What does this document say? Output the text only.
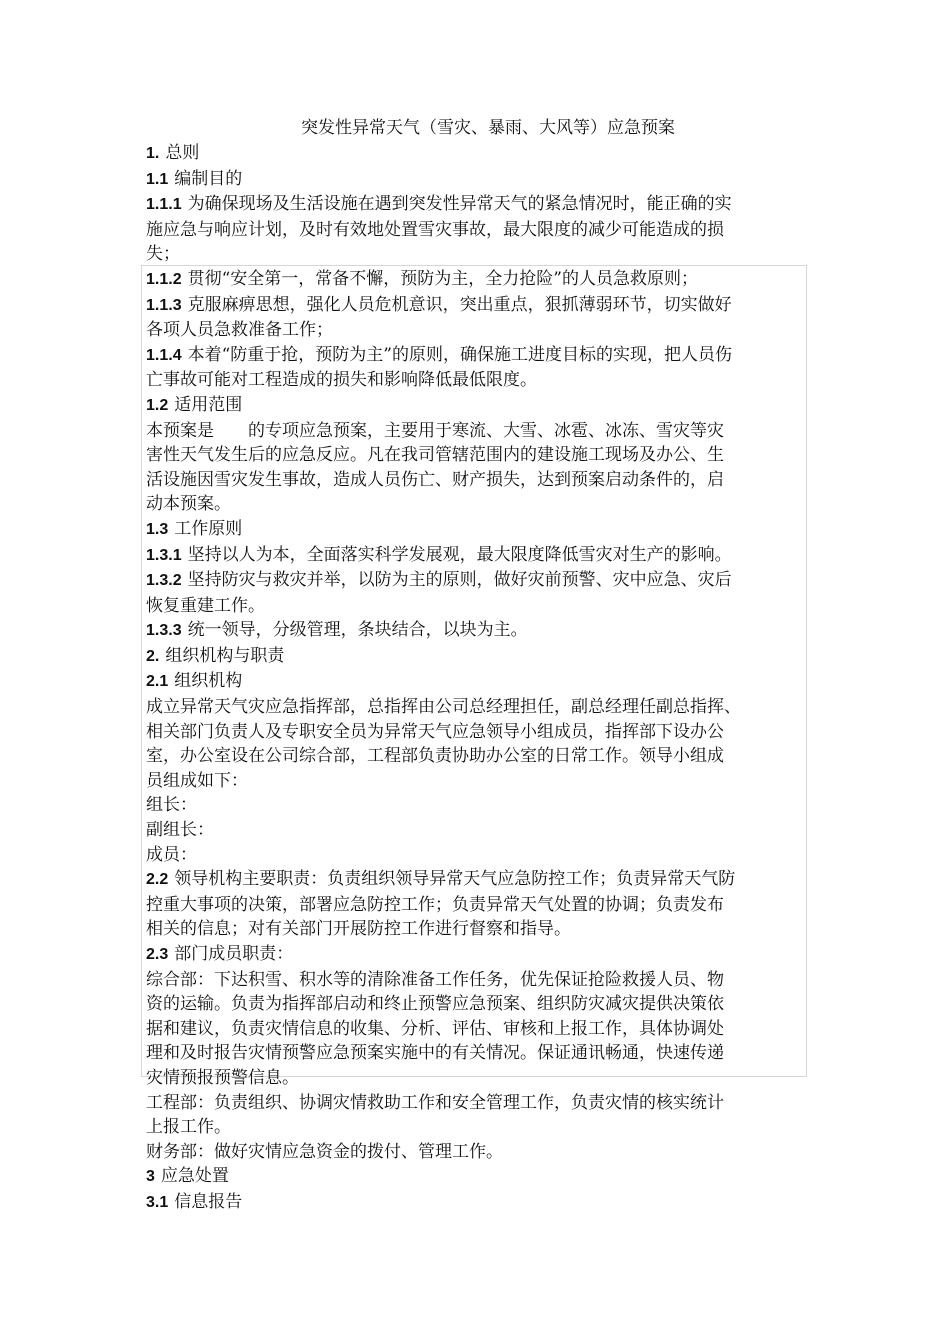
突发性异常天气（雪灾、暴雨、大风等）应急预案

1. 总则

1.1 编制目的

1.1.1 为确保现场及生活设施在遇到突发性异常天气的紧急情况时，能正确的实

施应急与响应计划，及时有效地处置雪灾事故，最大限度的减少可能造成的损

失；

1.1.2 贯彻“安全第一，常备不懈，预防为主，全力抢险”的人员急救原则；

1.1.3 克服麻痹思想，强化人员危机意识，突出重点，狠抓薄弱环节，切实做好

各项人员急救准备工作；

1.1.4 本着“防重于抢，预防为主”的原则，确保施工进度目标的实现，把人员伤

亡事故可能对工程造成的损失和影响降低最低限度。

1.2 适用范围

本预案是 的专项应急预案，主要用于寒流、大雪、冰雹、冰冻、雪灾等灾

害性天气发生后的应急反应。凡在我司管辖范围内的建设施工现场及办公、生

活设施因雪灾发生事故，造成人员伤亡、财产损失，达到预案启动条件的，启

动本预案。

1.3 工作原则

1.3.1 坚持以人为本，全面落实科学发展观，最大限度降低雪灾对生产的影响。

1.3.2 坚持防灾与救灾并举，以防为主的原则，做好灾前预警、灾中应急、灾后

恢复重建工作。

1.3.3 统一领导，分级管理，条块结合，以块为主。

2. 组织机构与职责

2.1 组织机构

成立异常天气灾应急指挥部，总指挥由公司总经理担任，副总经理任副总指挥、

相关部门负责人及专职安全员为异常天气应急领导小组成员，指挥部下设办公

室，办公室设在公司综合部，工程部负责协助办公室的日常工作。领导小组成

员组成如下：

组长：

副组长：

成员：

2.2 领导机构主要职责：负责组织领导异常天气应急防控工作；负责异常天气防

控重大事项的决策，部署应急防控工作；负责异常天气处置的协调；负责发布

相关的信息；对有关部门开展防控工作进行督察和指导。

2.3 部门成员职责：

综合部：下达积雪、积水等的清除准备工作任务，优先保证抢险救援人员、物

资的运输。负责为指挥部启动和终止预警应急预案、组织防灾减灾提供决策依

据和建议，负责灾情信息的收集、分析、评估、审核和上报工作，具体协调处

理和及时报告灾情预警应急预案实施中的有关情况。保证通讯畅通，快速传递

灾情预报预警信息。

工程部：负责组织、协调灾情救助工作和安全管理工作，负责灾情的核实统计

上报工作。

财务部：做好灾情应急资金的拨付、管理工作。

3 应急处置

3.1 信息报告
